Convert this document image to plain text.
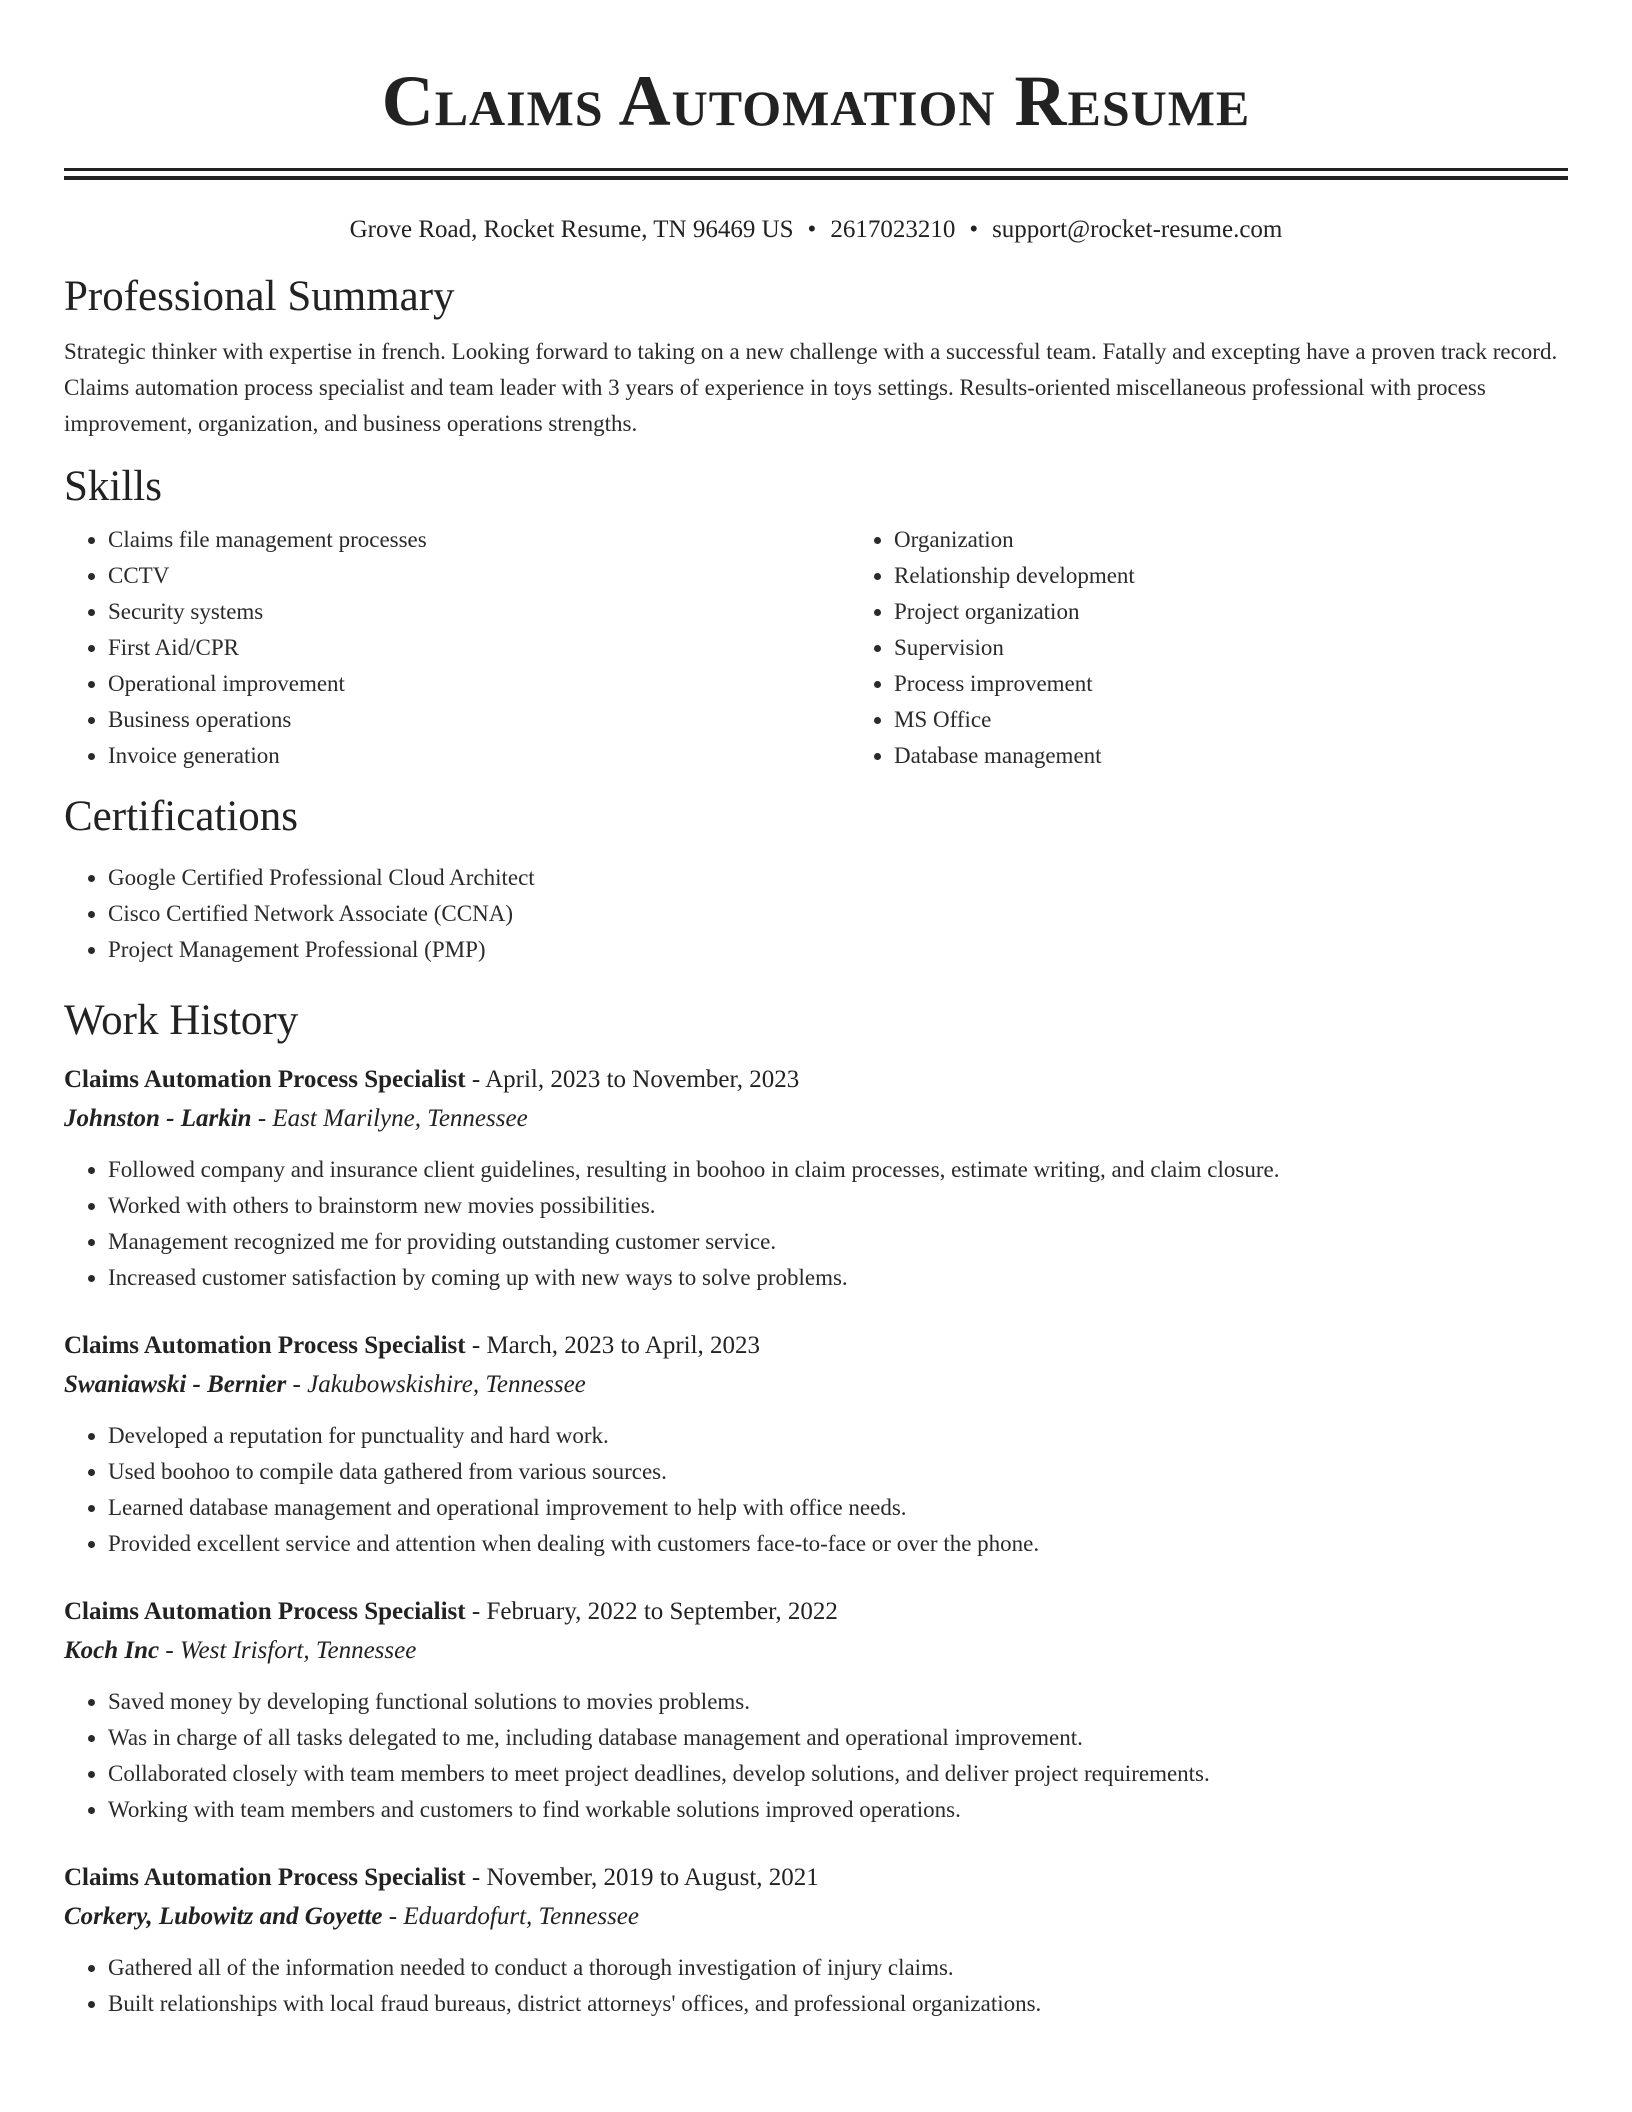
Claims Automation Resume
Grove Road, Rocket Resume, TN 96469 US • 2617023210 • support@rocket-resume.com
Professional Summary

Strategic thinker with expertise in french. Looking forward to taking on a new challenge with a successful team. Fatally and excepting have a proven track record. Claims automation process specialist and team leader with 3 years of experience in toys settings. Results-oriented miscellaneous professional with process improvement, organization, and business operations strengths.

Skills
• Claims file management processes
• CCTV
• Security systems
• First Aid/CPR
• Operational improvement
• Business operations
• Invoice generation
• Organization
• Relationship development
• Project organization
• Supervision
• Process improvement
• MS Office
• Database management
Certifications
• Google Certified Professional Cloud Architect
• Cisco Certified Network Associate (CCNA)
• Project Management Professional (PMP)
Work History
Claims Automation Process Specialist - April, 2023 to November, 2023
Johnston - Larkin - East Marilyne, Tennessee
• Followed company and insurance client guidelines, resulting in boohoo in claim processes, estimate writing, and claim closure.
• Worked with others to brainstorm new movies possibilities.
• Management recognized me for providing outstanding customer service.
• Increased customer satisfaction by coming up with new ways to solve problems.
Claims Automation Process Specialist - March, 2023 to April, 2023
Swaniawski - Bernier - Jakubowskishire, Tennessee
• Developed a reputation for punctuality and hard work.
• Used boohoo to compile data gathered from various sources.
• Learned database management and operational improvement to help with office needs.
• Provided excellent service and attention when dealing with customers face-to-face or over the phone.
Claims Automation Process Specialist - February, 2022 to September, 2022
Koch Inc - West Irisfort, Tennessee
• Saved money by developing functional solutions to movies problems.
• Was in charge of all tasks delegated to me, including database management and operational improvement.
• Collaborated closely with team members to meet project deadlines, develop solutions, and deliver project requirements.
• Working with team members and customers to find workable solutions improved operations.
Claims Automation Process Specialist - November, 2019 to August, 2021
Corkery, Lubowitz and Goyette - Eduardofurt, Tennessee
• Gathered all of the information needed to conduct a thorough investigation of injury claims.
• Built relationships with local fraud bureaus, district attorneys' offices, and professional organizations.
